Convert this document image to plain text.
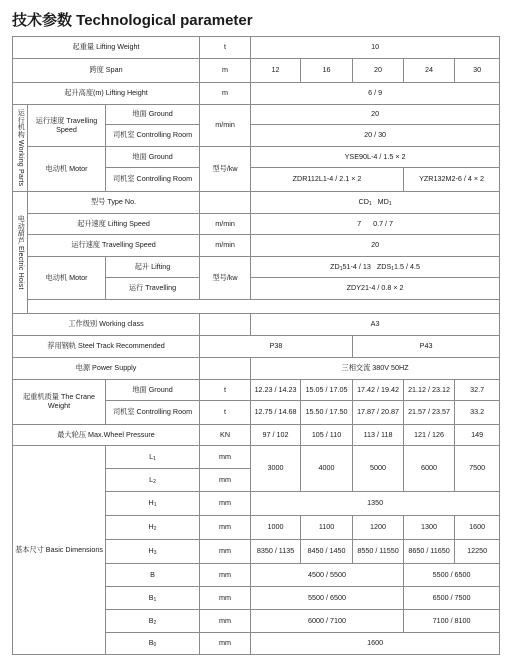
技术参数 Technological parameter
起重量 Lifting Weight			t	10				
跨度 Span			m	12	16	20	24	30
起升高度(m) Lifting Height			m	6 / 9				
运行机构 Working Parts	运行速度 Travelling Speed	地面 Ground	m/min	20				
		司机室 Controlling Room		20 / 30				
	电动机 Motor	地面 Ground	型号/kw	YSE90L-4 / 1.5 × 2				
		司机室 Controlling Room		ZDR112L1-4 / 2.1 × 2			YZR132M2-6 / 4 × 2	
电动葫芦 Electric Hoist	型号 Type No.			$CD_1$ $MD_1$
	起升速度 Lifting Speed		m/min	7      0.7 / 7				
	运行速度 Travelling Speed		m/min	20				
	电动机 Motor	起升 Lifting	型号/kw	$ZD_151-4 / 13$   $ZDS_11.5 / 4.5$				
		运行 Travelling		ZDY21-4 / 0.8 × 2				

工作级别 Working class				A3				
荐用钢轨 Steel Track Recommended			P38			P43		
电源 Power Supply				三相交流 380V 50HZ				
起重机质量 The Crane Weight		地面 Ground	t	12.23 / 14.23	15.05 / 17.05	17.42 / 19.42	21.12 / 23.12	32.7
		司机室 Controlling Room	t	12.75 / 14.68	15.50 / 17.50	17.87 / 20.87	21.57 / 23.57	33.2
最大轮压 Max.Wheel Pressure			KN	97 / 102	105 / 110	113 / 118	121 / 126	149
基本尺寸 Basic Dimensions		$L_1$	mm	3000	4000	5000	6000	7500
		$L_2$	mm					
		$H_1$	mm	1350				
		$H_2$	mm	1000	1100	1200	1300	1600
		$H_3$	mm	8350 / 1135	8450 / 1450	8550 / 11550	8650 / 11650	12250
		B	mm	4500 / 5500			5500 / 6500	
		$B_1$	mm	5500 / 6500			6500 / 7500	
		$B_2$	mm	6000 / 7100			7100 / 8100	
		$B_0$	mm	1600				
